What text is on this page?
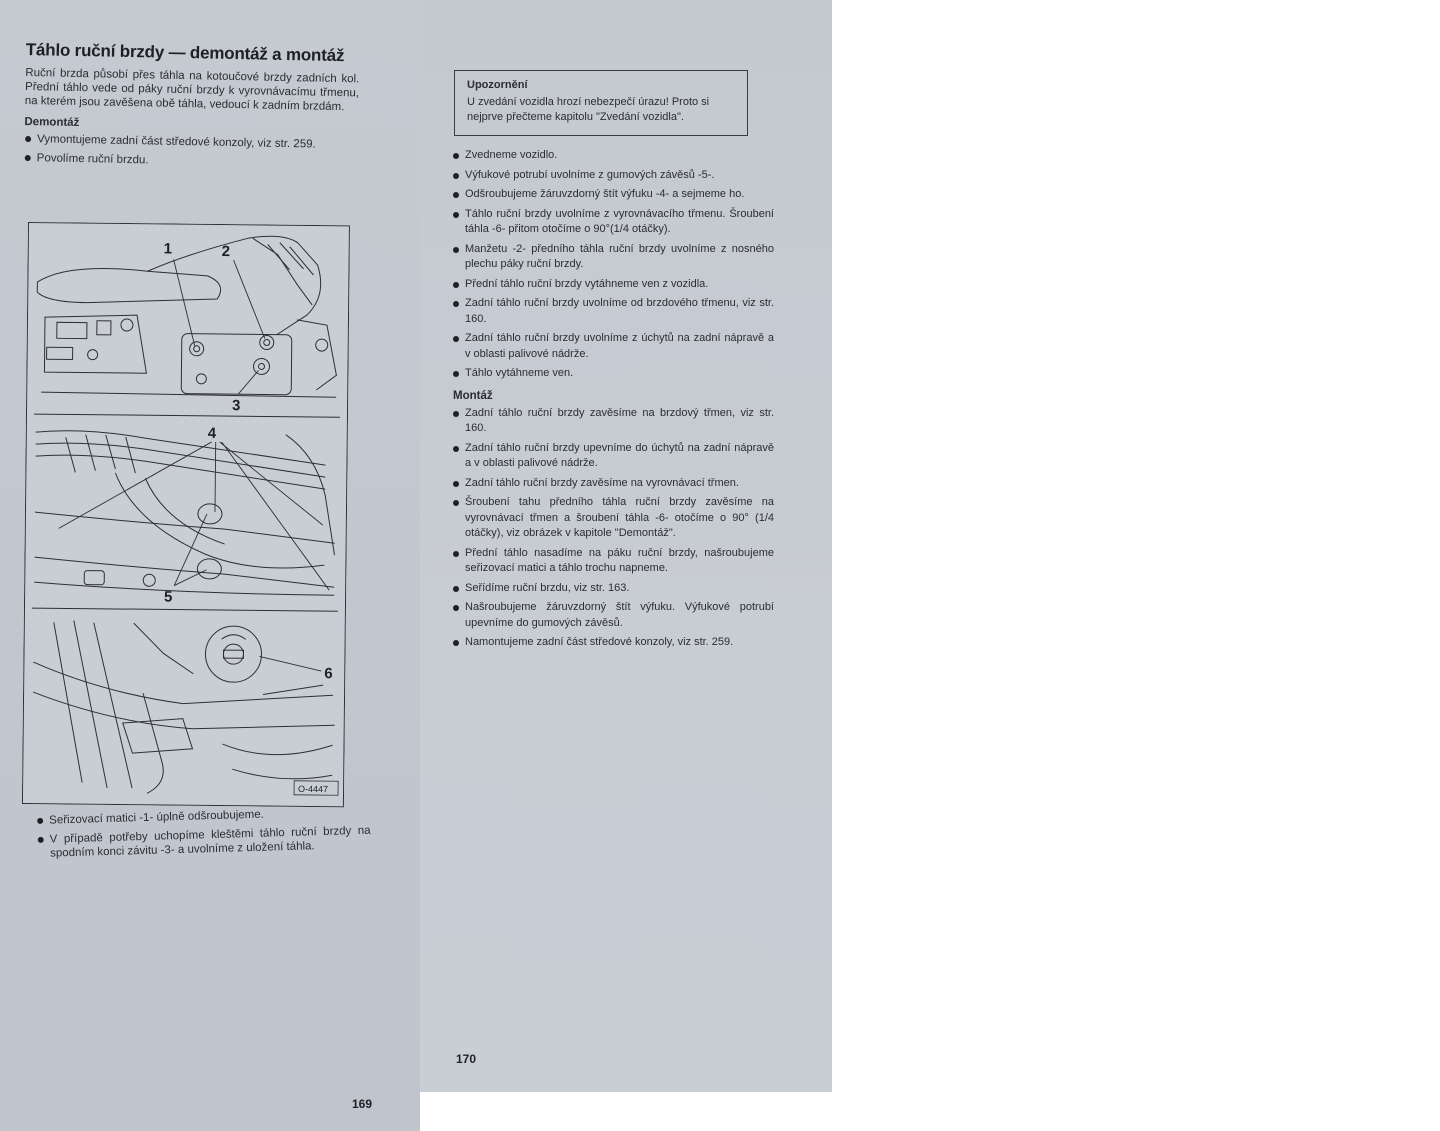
Táhlo ruční brzdy — demontáž a montáž

Ruční brzda působí přes táhla na kotoučové brzdy zadních kol. Přední táhlo vede od páky ruční brzdy k vyrovnávacímu třmenu, na kterém jsou zavěšena obě táhla, vedoucí k zadním brzdám.

Demontáž
Vymontujeme zadní část středové konzoly, viz str. 259.
Povolíme ruční brzdu.
1	2
3
4
5
6
O-4447
Seřizovací matici -1- úplně odšroubujeme.
V případě potřeby uchopíme kleštěmi táhlo ruční brzdy na spodním konci závitu -3- a uvolníme z uložení táhla.
169
Upozornění

U zvedání vozidla hrozí nebezpečí úrazu! Proto si nejprve přečteme kapitolu "Zvedání vozidla".

Zvedneme vozidlo.
Výfukové potrubí uvolníme z gumových závěsů -5-.
Odšroubujeme žáruvzdorný štít výfuku -4- a sejmeme ho.
Táhlo ruční brzdy uvolníme z vyrovnávacího třmenu. Šroubení táhla -6- přitom otočíme o 90°(1/4 otáčky).
Manžetu -2- předního táhla ruční brzdy uvolníme z nosného plechu páky ruční brzdy.
Přední táhlo ruční brzdy vytáhneme ven z vozidla.
Zadní táhlo ruční brzdy uvolníme od brzdového třmenu, viz str. 160.
Zadní táhlo ruční brzdy uvolníme z úchytů na zadní nápravě a v oblasti palivové nádrže.
Táhlo vytáhneme ven.
Montáž
Zadní táhlo ruční brzdy zavěsíme na brzdový třmen, viz str. 160.
Zadní táhlo ruční brzdy upevníme do úchytů na zadní nápravě a v oblasti palivové nádrže.
Zadní táhlo ruční brzdy zavěsíme na vyrovnávací třmen.
Šroubení tahu předního táhla ruční brzdy zavěsíme na vyrovnávací třmen a šroubení táhla -6- otočíme o 90° (1/4 otáčky), viz obrázek v kapitole "Demontáž".
Přední táhlo nasadíme na páku ruční brzdy, našroubujeme seřizovací matici a táhlo trochu napneme.
Seřídíme ruční brzdu, viz str. 163.
Našroubujeme žáruvzdorný štít výfuku. Výfukové potrubí upevníme do gumových závěsů.
Namontujeme zadní část středové konzoly, viz str. 259.
170
